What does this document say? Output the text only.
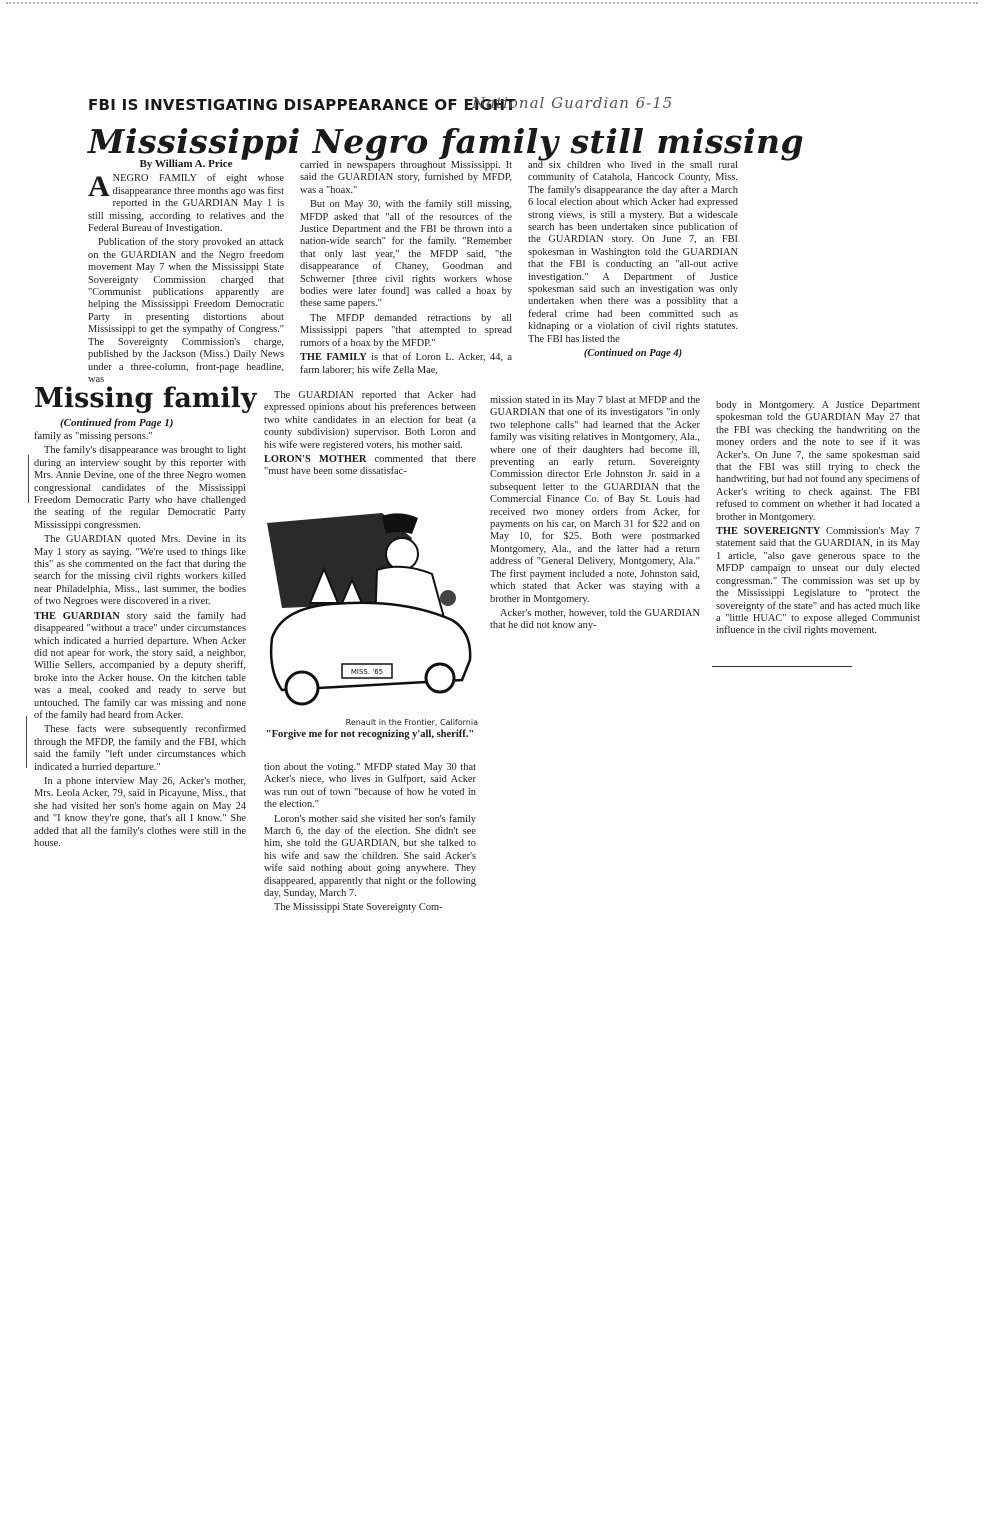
FBI IS INVESTIGATING DISAPPEARANCE OF EIGHT
National Guardian 6-15
Mississippi Negro family still missing
By William A. Price

ANEGRO FAMILY of eight whose disappearance three months ago was first reported in the GUARDIAN May 1 is still missing, according to relatives and the Federal Bureau of Investigation.

Publication of the story provoked an attack on the GUARDIAN and the Negro freedom movement May 7 when the Mississippi State Sovereignty Commission charged that "Communist publications apparently are helping the Mississippi Freedom Democratic Party in presenting distortions about Mississippi to get the sympathy of Congress." The Sovereignty Commission's charge, published by the Jackson (Miss.) Daily News under a three-column, front-page headline, was

carried in newspapers throughout Mississippi. It said the GUARDIAN story, furnished by MFDP, was a "hoax."

But on May 30, with the family still missing, MFDP asked that "all of the resources of the Justice Department and the FBI be thrown into a nation-wide search" for the family. "Remember that only last year," the MFDP said, "the disappearance of Chaney, Goodman and Schwerner [three civil rights workers whose bodies were later found] was called a hoax by these same papers."

The MFDP demanded retractions by all Mississippi papers "that attempted to spread rumors of a hoax by the MFDP."

THE FAMILY is that of Loron L. Acker, 44, a farm laborer; his wife Zella Mae,

and six children who lived in the small rural community of Catahola, Hancock County, Miss. The family's disappearance the day after a March 6 local election about which Acker had expressed strong views, is still a mystery. But a widescale search has been undertaken since publication of the GUARDIAN story. On June 7, an FBI spokesman in Washington told the GUARDIAN that the FBI is conducting an "all-out active investigation." A Department of Justice spokesman said such an investigation was only undertaken when there was a possiblity that a federal crime had been committed such as kidnaping or a violation of civil rights statutes. The FBI has listed the

(Continued on Page 4)
Missing family
(Continued from Page 1)

family as "missing persons."

The family's disappearance was brought to light during an interview sought by this reporter with Mrs. Annie Devine, one of the three Negro women congressional candidates of the Mississippi Freedom Democratic Party who have challenged the seating of the regular Democratic Party Mississippi congressmen.

The GUARDIAN quoted Mrs. Devine in its May 1 story as saying. "We're used to things like this" as she commented on the fact that during the search for the missing civil rights workers killed near Philadelphia, Miss., last summer, the bodies of two Negroes were discovered in a river.

THE GUARDIAN story said the family had disappeared "without a trace" under circumstances which indicated a hurried departure. When Acker did not apear for work, the story said, a neighbor, Willie Sellers, accompanied by a deputy sheriff, broke into the Acker house. On the kitchen table was a meal, cooked and ready to serve but untouched. The family car was missing and none of the family had heard from Acker.

These facts were subsequently reconfirmed through the MFDP, the family and the FBI, which said the family "left under circumstances which indicated a hurried departure."

In a phone interview May 26, Acker's mother, Mrs. Leola Acker, 79, said in Picayune, Miss., that she had visited her son's home again on May 24 and "I know they're gone, that's all I know." She added that all the family's clothes were still in the house.

The GUARDIAN reported that Acker had expressed opinions about his preferences between two white candidates in an election for beat (a county subdivision) supervisor. Both Loron and his wife were registered voters, his mother said.

LORON'S MOTHER commented that there "must have been some dissatisfac-

MISS. '65
Renault in the Frontier, California
"Forgive me for not recognizing y'all, sheriff."

tion about the voting." MFDP stated May 30 that Acker's niece, who lives in Gulfport, said Acker was run out of town "because of how he voted in the election."

Loron's mother said she visited her son's family March 6, the day of the election. She didn't see him, she told the GUARDIAN, but she talked to his wife and saw the children. She said Acker's wife said nothing about going anywhere. They disappeared, apparently that night or the following day, Sunday, March 7.

The Mississippi State Sovereignty Com-

mission stated in its May 7 blast at MFDP and the GUARDIAN that one of its investigators "in only two telephone calls" had learned that the Acker family was visiting relatives in Montgomery, Ala., where one of their daughters had become ill, preventing an early return. Sovereignty Commission director Erle Johnston Jr. said in a subsequent letter to the GUARDIAN that the Commercial Finance Co. of Bay St. Louis had received two money orders from Acker, for payments on his car, on March 31 for $22 and on May 10, for $25. Both were postmarked Montgomery, Ala., and the latter had a return address of "General Delivery, Montgomery, Ala." The first payment included a note, Johnston said, which stated that Acker was staying with a brother in Montgomery.

Acker's mother, however, told the GUARDIAN that he did not know any-

body in Montgomery. A Justice Department spokesman told the GUARDIAN May 27 that the FBI was checking the handwriting on the money orders and the note to see if it was Acker's. On June 7, the same spokesman said that the FBI was still trying to check the handwriting, but had not found any specimens of Acker's writing to check against. The FBI refused to comment on whether it had located a brother in Montgomery.

THE SOVEREIGNTY Commission's May 7 statement said that the GUARDIAN, in its May 1 article, "also gave generous space to the MFDP campaign to unseat our duly elected congressman." The commission was set up by the Mississippi Legislature to "protect the sovereignty of the state" and has acted much like a "little HUAC" to expose alleged Communist influence in the civil rights movement.
